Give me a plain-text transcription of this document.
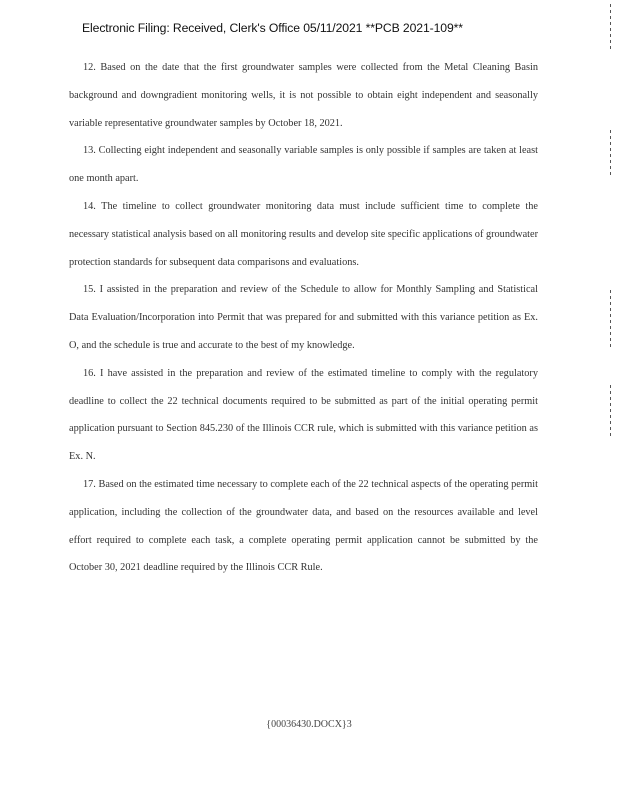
Electronic Filing: Received, Clerk's Office 05/11/2021 **PCB 2021-109**

12. Based on the date that the first groundwater samples were collected from the Metal Cleaning Basin background and downgradient monitoring wells, it is not possible to obtain eight independent and seasonally variable representative groundwater samples by October 18, 2021.

13. Collecting eight independent and seasonally variable samples is only possible if samples are taken at least one month apart.

14. The timeline to collect groundwater monitoring data must include sufficient time to complete the necessary statistical analysis based on all monitoring results and develop site specific applications of groundwater protection standards for subsequent data comparisons and evaluations.

15. I assisted in the preparation and review of the Schedule to allow for Monthly Sampling and Statistical Data Evaluation/Incorporation into Permit that was prepared for and submitted with this variance petition as Ex. O, and the schedule is true and accurate to the best of my knowledge.

16. I have assisted in the preparation and review of the estimated timeline to comply with the regulatory deadline to collect the 22 technical documents required to be submitted as part of the initial operating permit application pursuant to Section 845.230 of the Illinois CCR rule, which is submitted with this variance petition as Ex. N.

17. Based on the estimated time necessary to complete each of the 22 technical aspects of the operating permit application, including the collection of the groundwater data, and based on the resources available and level effort required to complete each task, a complete operating permit application cannot be submitted by the October 30, 2021 deadline required by the Illinois CCR Rule.

{00036430.DOCX}3
